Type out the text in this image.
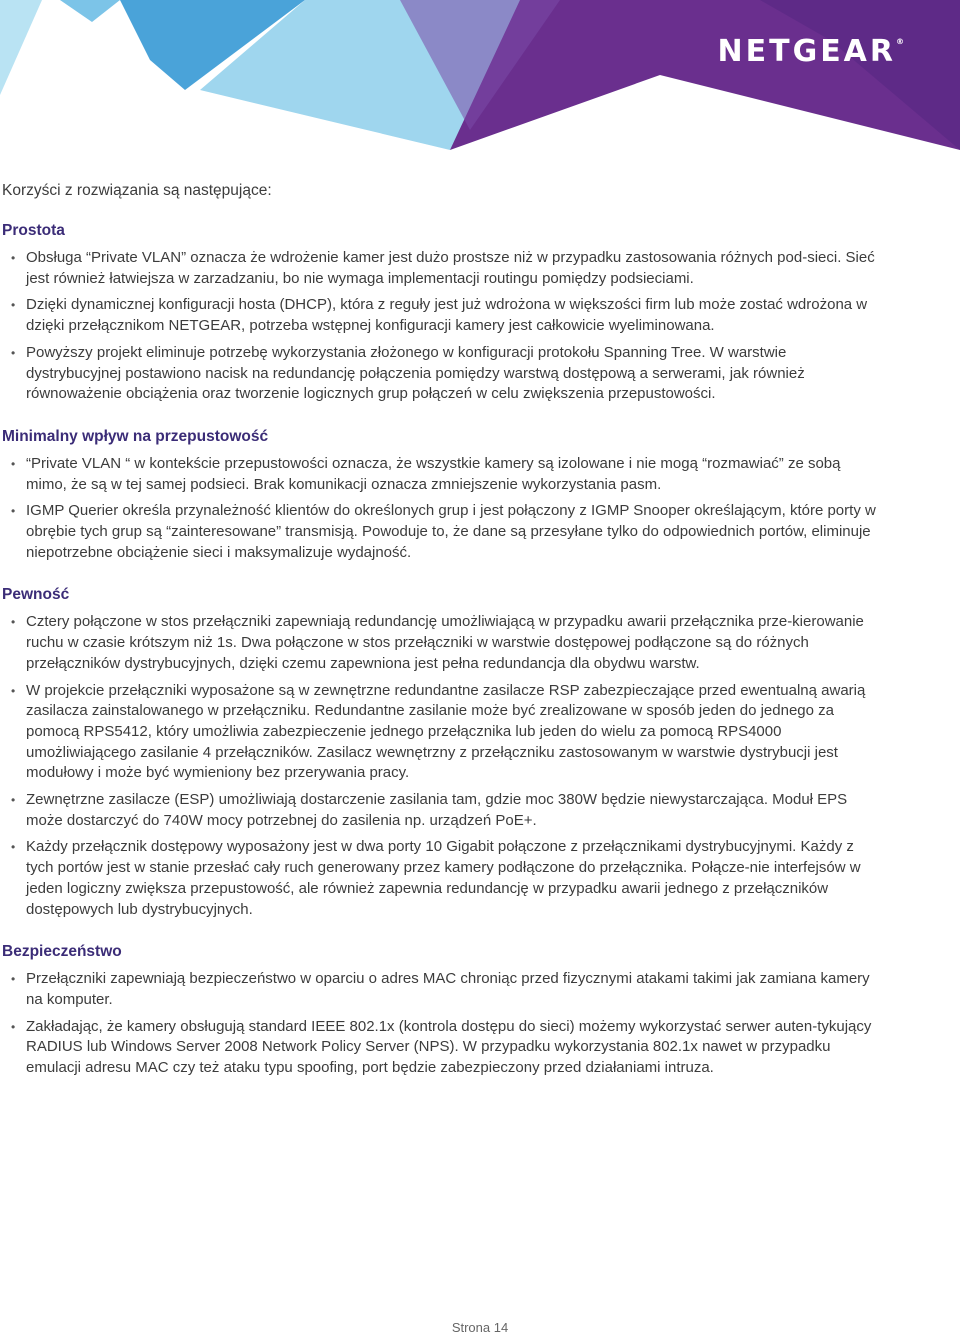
NETGEAR®

Korzyści z rozwiązania są następujące:

Prostota
• Obsługa “Private VLAN” oznacza że wdrożenie kamer jest dużo prostsze niż w przypadku zastosowania różnych pod-sieci. Sieć jest również łatwiejsza w zarzadzaniu, bo nie wymaga implementacji routingu pomiędzy podsieciami.
• Dzięki dynamicznej konfiguracji hosta (DHCP), która z reguły jest już wdrożona w większości firm lub może zostać wdrożona w dzięki przełącznikom NETGEAR, potrzeba wstępnej konfiguracji kamery jest całkowicie wyeliminowana.
• Powyższy projekt eliminuje potrzebę wykorzystania złożonego w konfiguracji protokołu Spanning Tree. W warstwie dystrybucyjnej postawiono nacisk na redundancję połączenia pomiędzy warstwą dostępową a serwerami, jak również równoważenie obciążenia oraz tworzenie logicznych grup połączeń w celu zwiększenia przepustowości.
Minimalny wpływ na przepustowość
• “Private VLAN “ w kontekście przepustowości oznacza, że wszystkie kamery są izolowane i nie mogą “rozmawiać” ze sobą mimo, że są w tej samej podsieci. Brak komunikacji oznacza zmniejszenie wykorzystania pasm.
• IGMP Querier określa przynależność klientów do określonych grup i jest połączony z IGMP Snooper określającym, które porty w obrębie tych grup są “zainteresowane” transmisją. Powoduje to, że dane są przesyłane tylko do odpowiednich portów, eliminuje niepotrzebne obciążenie sieci i maksymalizuje wydajność.
Pewność
• Cztery połączone w stos przełączniki zapewniają redundancję umożliwiającą w przypadku awarii przełącznika prze-kierowanie ruchu w czasie krótszym niż 1s. Dwa połączone w stos przełączniki w warstwie dostępowej podłączone są do różnych przełączników dystrybucyjnych, dzięki czemu zapewniona jest pełna redundancja dla obydwu warstw.
• W projekcie przełączniki wyposażone są w zewnętrzne redundantne zasilacze RSP zabezpieczające przed ewentualną awarią zasilacza zainstalowanego w przełączniku. Redundantne zasilanie może być zrealizowane w sposób jeden do jednego za pomocą RPS5412, który umożliwia zabezpieczenie jednego przełącznika lub jeden do wielu za pomocą RPS4000 umożliwiającego zasilanie 4 przełączników. Zasilacz wewnętrzny z przełączniku zastosowanym w warstwie dystrybucji jest modułowy i może być wymieniony bez przerywania pracy.
• Zewnętrzne zasilacze (ESP) umożliwiają dostarczenie zasilania tam, gdzie moc 380W będzie niewystarczająca. Moduł EPS może dostarczyć do 740W mocy potrzebnej do zasilenia np. urządzeń PoE+.
• Każdy przełącznik dostępowy wyposażony jest w dwa porty 10 Gigabit połączone z przełącznikami dystrybucyjnymi. Każdy z tych portów jest w stanie przesłać cały ruch generowany przez kamery podłączone do przełącznika. Połącze-nie interfejsów w jeden logiczny zwiększa przepustowość, ale również zapewnia redundancję w przypadku awarii jednego z przełączników dostępowych lub dystrybucyjnych.
Bezpieczeństwo
• Przełączniki zapewniają bezpieczeństwo w oparciu o adres MAC chroniąc przed fizycznymi atakami takimi jak zamiana kamery na komputer.
• Zakładając, że kamery obsługują standard IEEE 802.1x (kontrola dostępu do sieci) możemy wykorzystać serwer auten-tykujący RADIUS lub Windows Server 2008 Network Policy Server (NPS). W przypadku wykorzystania 802.1x nawet w przypadku emulacji adresu MAC czy też ataku typu spoofing, port będzie zabezpieczony przed działaniami intruza.
Strona 14
